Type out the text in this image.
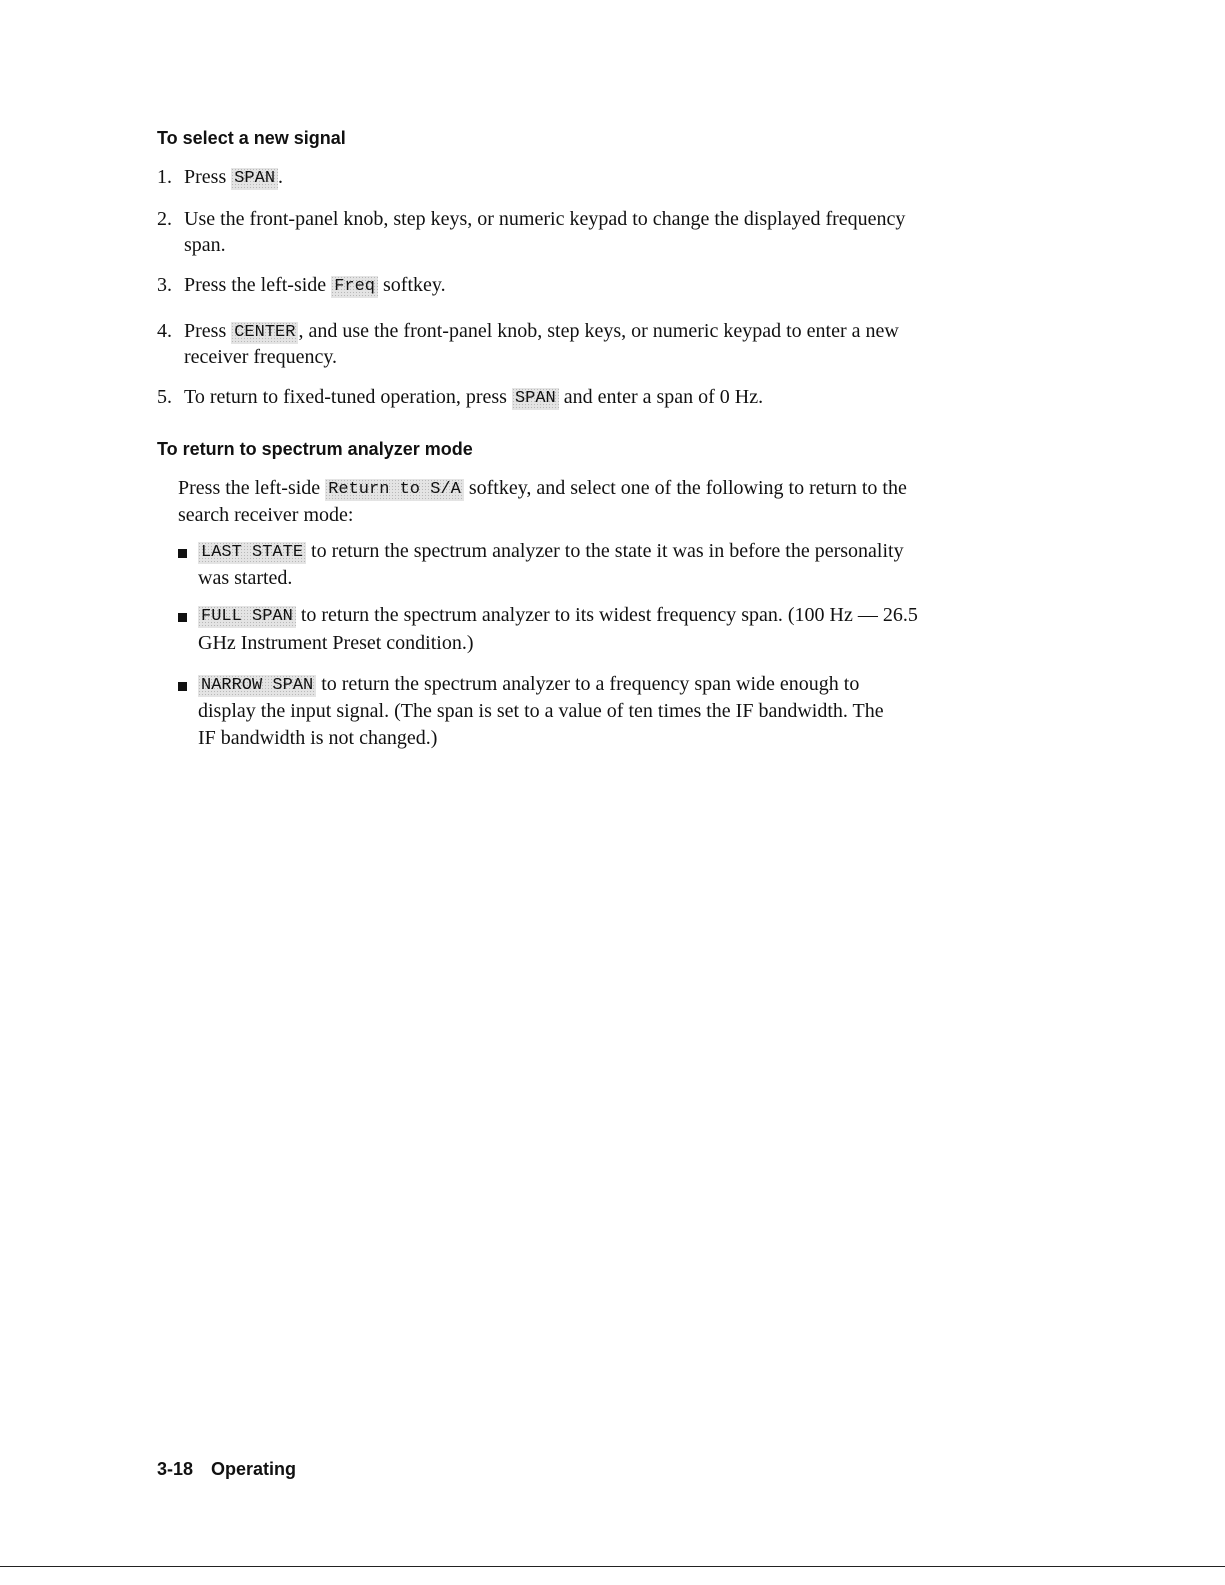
To select a new signal
1. Press SPAN .
2. Use the front-panel knob, step keys, or numeric keypad to change the displayed frequency
span.
3. Press the left-side Freq softkey.
4. Press CENTER , and use the front-panel knob, step keys, or numeric keypad to enter a new
receiver frequency.
5. To return to fixed-tuned operation, press SPAN and enter a span of 0 Hz.
To return to spectrum analyzer mode
Press the left-side Return to S/A softkey, and select one of the following to return to the
search receiver mode:
LAST STATE to return the spectrum analyzer to the state it was in before the personality
was started.
FULL SPAN to return the spectrum analyzer to its widest frequency span. (100 Hz — 26.5
GHz Instrument Preset condition.)
NARROW SPAN to return the spectrum analyzer to a frequency span wide enough to
display the input signal. (The span is set to a value of ten times the IF bandwidth. The
IF bandwidth is not changed.)
3-18 Operating
